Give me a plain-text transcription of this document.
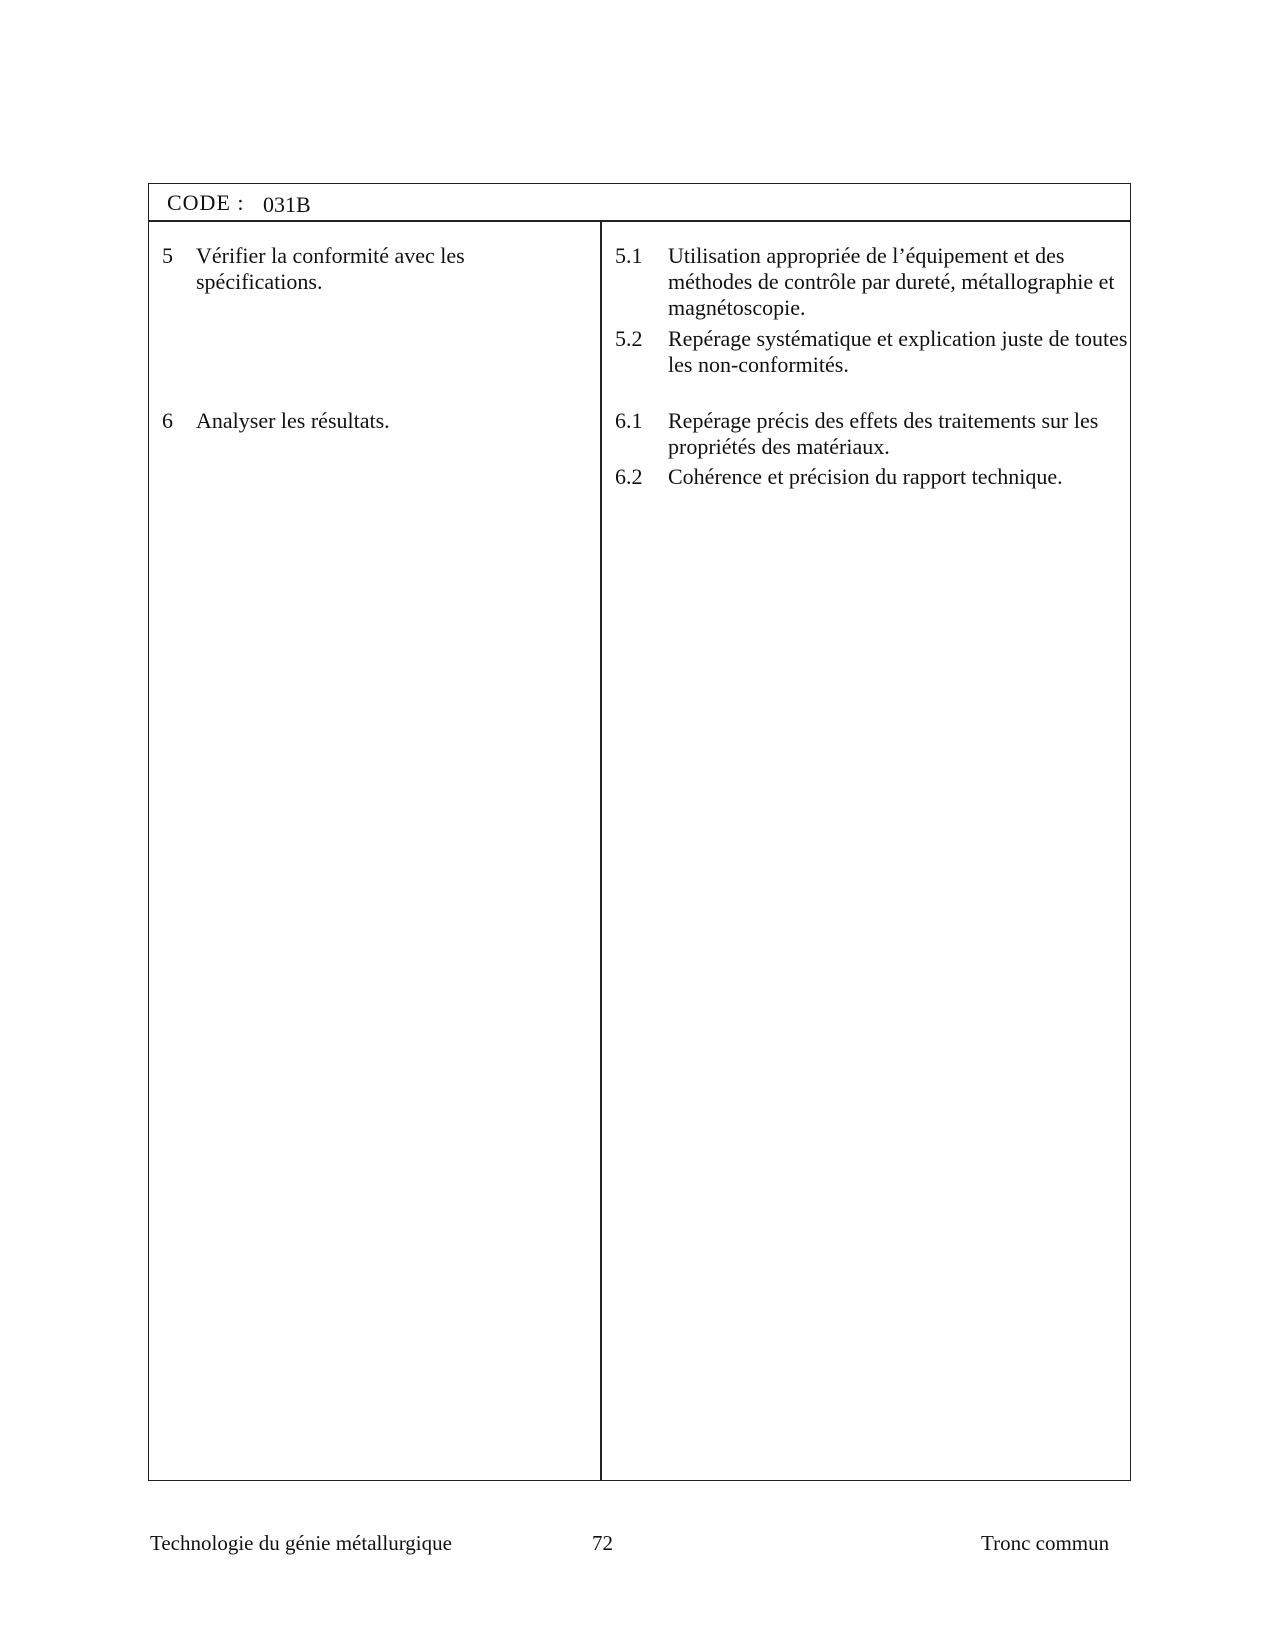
CODE : 031B
5 Vérifier la conformité avec les spécifications.
6 Analyser les résultats.
5.1 Utilisation appropriée de l’équipement et des méthodes de contrôle par dureté, métallographie et magnétoscopie.
5.2 Repérage systématique et explication juste de toutes les non-conformités.
6.1 Repérage précis des effets des traitements sur les propriétés des matériaux.
6.2 Cohérence et précision du rapport technique.
Technologie du génie métallurgique	72	Tronc commun
